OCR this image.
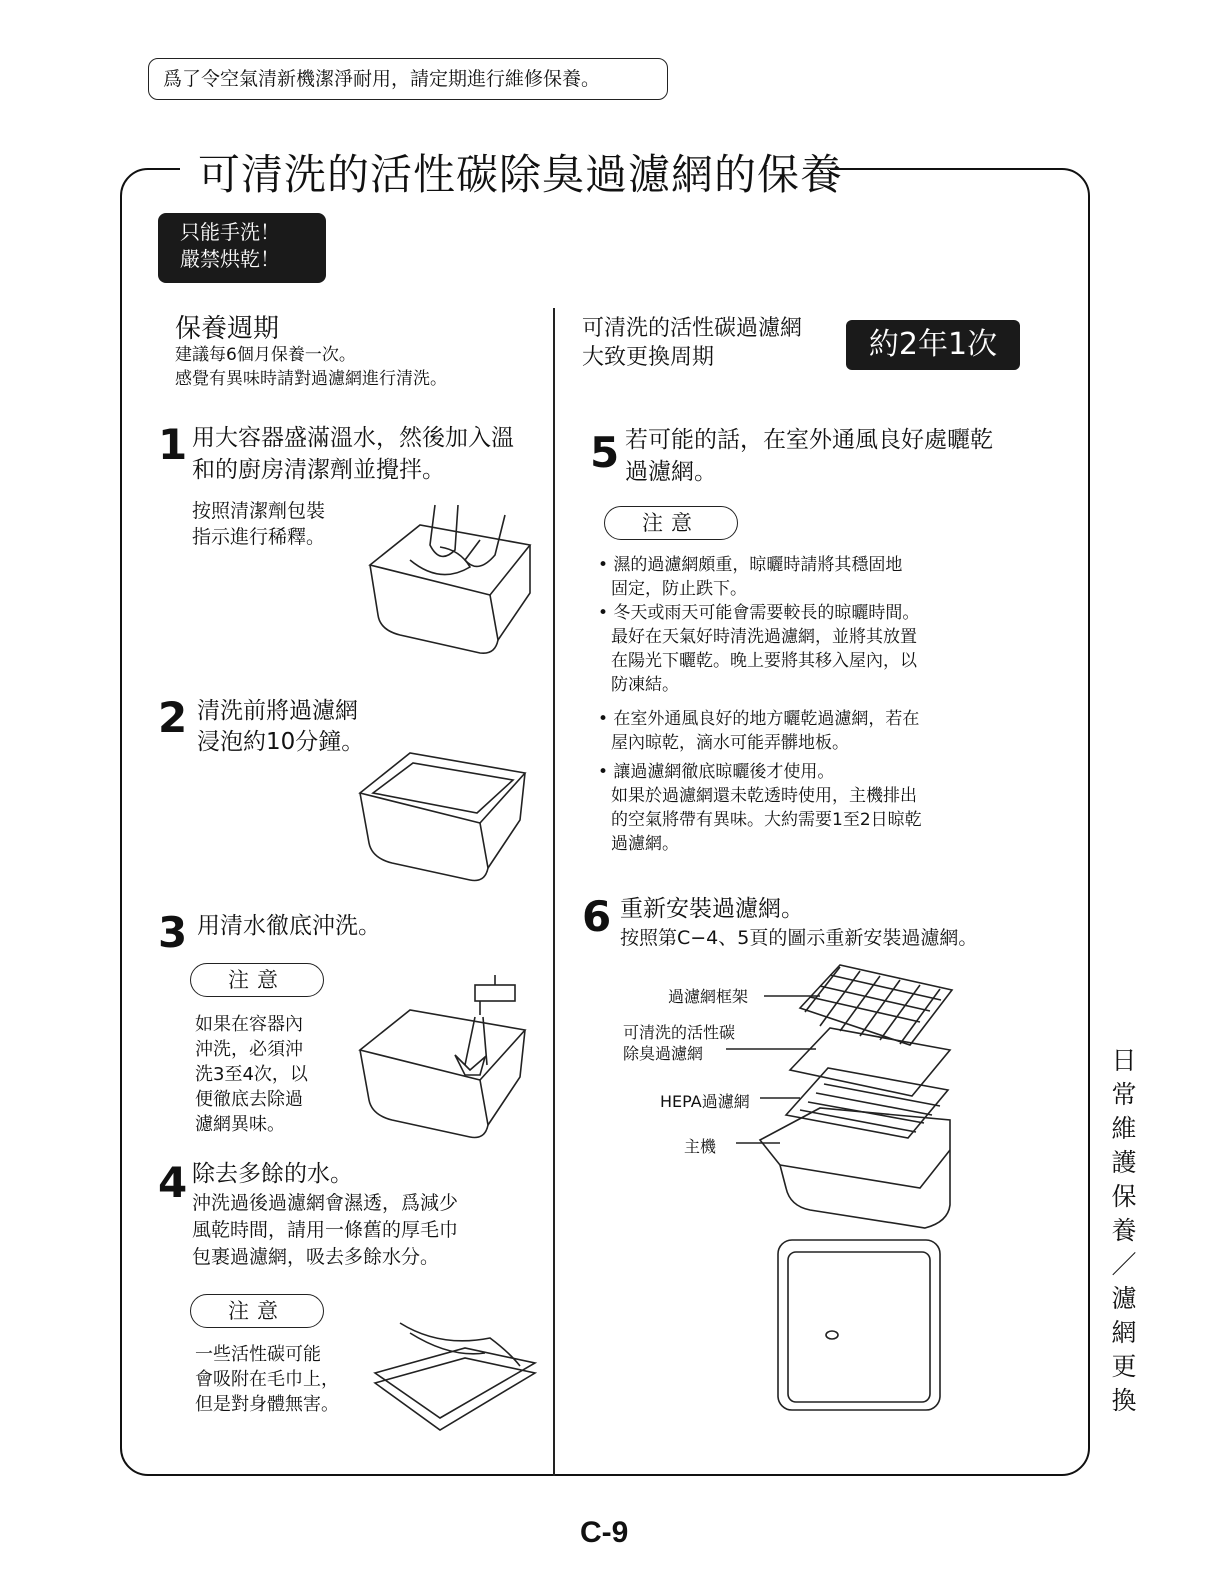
爲了令空氣清新機潔淨耐用，請定期進行維修保養。
可清洗的活性碳除臭過濾網的保養
只能手洗！
嚴禁烘乾！
保養週期
建議每6個月保養一次。
感覺有異味時請對過濾網進行清洗。
可清洗的活性碳過濾網
大致更換周期	約2年1次
1 用大容器盛滿溫水，然後加入溫
和的廚房清潔劑並攪拌。
按照清潔劑包裝
指示進行稀釋。
2 清洗前將過濾網
浸泡約10分鐘。
3 用清水徹底沖洗。
注意
如果在容器內
沖洗，必須沖
洗3至4次，以
便徹底去除過
濾網異味。
4 除去多餘的水。
沖洗過後過濾網會濕透，爲減少
風乾時間，請用一條舊的厚毛巾
包裹過濾網，吸去多餘水分。
注意
一些活性碳可能
會吸附在毛巾上，
但是對身體無害。
5 若可能的話，在室外通風良好處曬乾
過濾網。
注意
• 濕的過濾網頗重，晾曬時請將其穩固地
固定，防止跌下。
• 冬天或雨天可能會需要較長的晾曬時間。
最好在天氣好時清洗過濾網，並將其放置
在陽光下曬乾。晚上要將其移入屋內，以
防凍結。
• 在室外通風良好的地方曬乾過濾網，若在
屋內晾乾，滴水可能弄髒地板。
• 讓過濾網徹底晾曬後才使用。
如果於過濾網還未乾透時使用，主機排出
的空氣將帶有異味。大約需要1至2日晾乾
過濾網。
6 重新安裝過濾網。
按照第C−4、5頁的圖示重新安裝過濾網。
過濾網框架
可清洗的活性碳
除臭過濾網
HEPA過濾網
主機
日
常
維
護
保
養
／
濾
網
更
換
C-9
